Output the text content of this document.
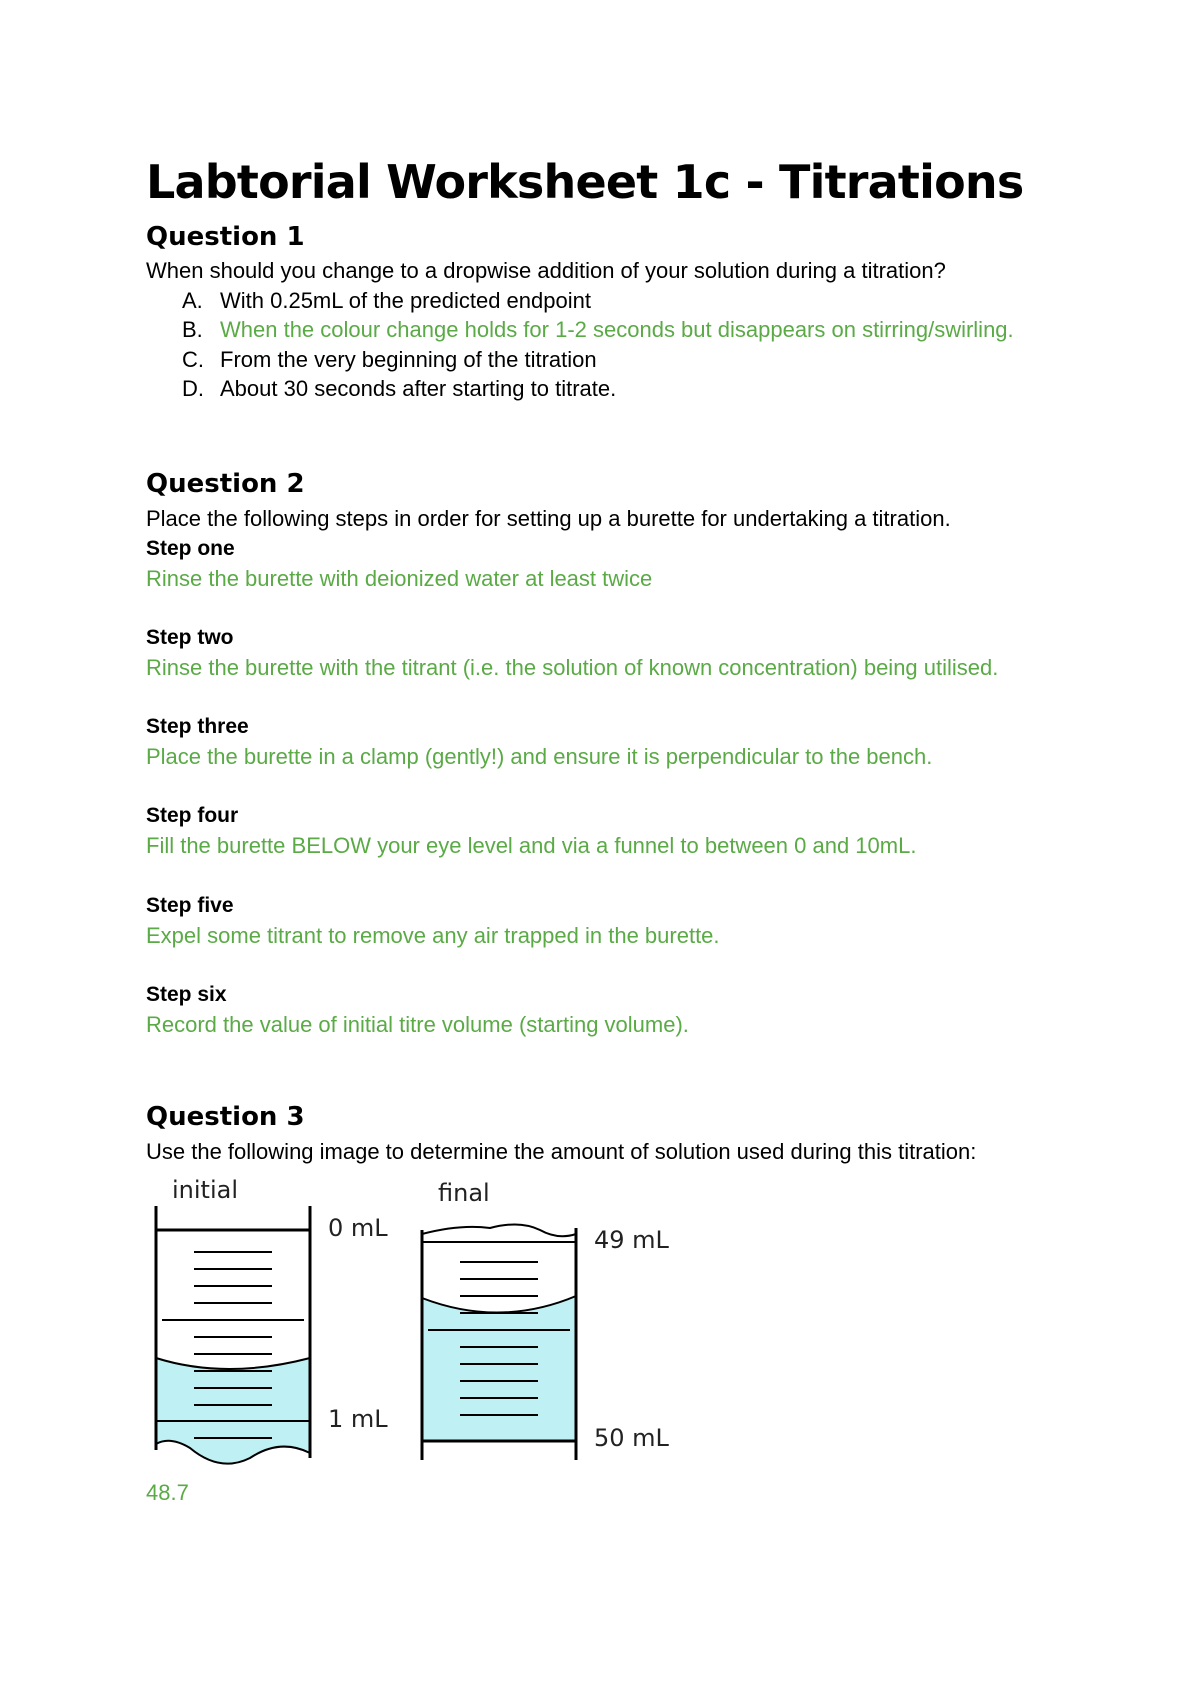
Labtorial Worksheet 1c - Titrations
Question 1
When should you change to a dropwise addition of your solution during a titration?
A. With 0.25mL of the predicted endpoint
B. When the colour change holds for 1-2 seconds but disappears on stirring/swirling.
C. From the very beginning of the titration
D. About 30 seconds after starting to titrate.
Question 2
Place the following steps in order for setting up a burette for undertaking a titration.
Step one
Rinse the burette with deionized water at least twice
Step two
Rinse the burette with the titrant (i.e. the solution of known concentration) being utilised.
Step three
Place the burette in a clamp (gently!) and ensure it is perpendicular to the bench.
Step four
Fill the burette BELOW your eye level and via a funnel to between 0 and 10mL.
Step five
Expel some titrant to remove any air trapped in the burette.
Step six
Record the value of initial titre volume (starting volume).
Question 3
Use the following image to determine the amount of solution used during this titration:
initial
0 mL
1 mL
final
49 mL
50 mL
48.7
